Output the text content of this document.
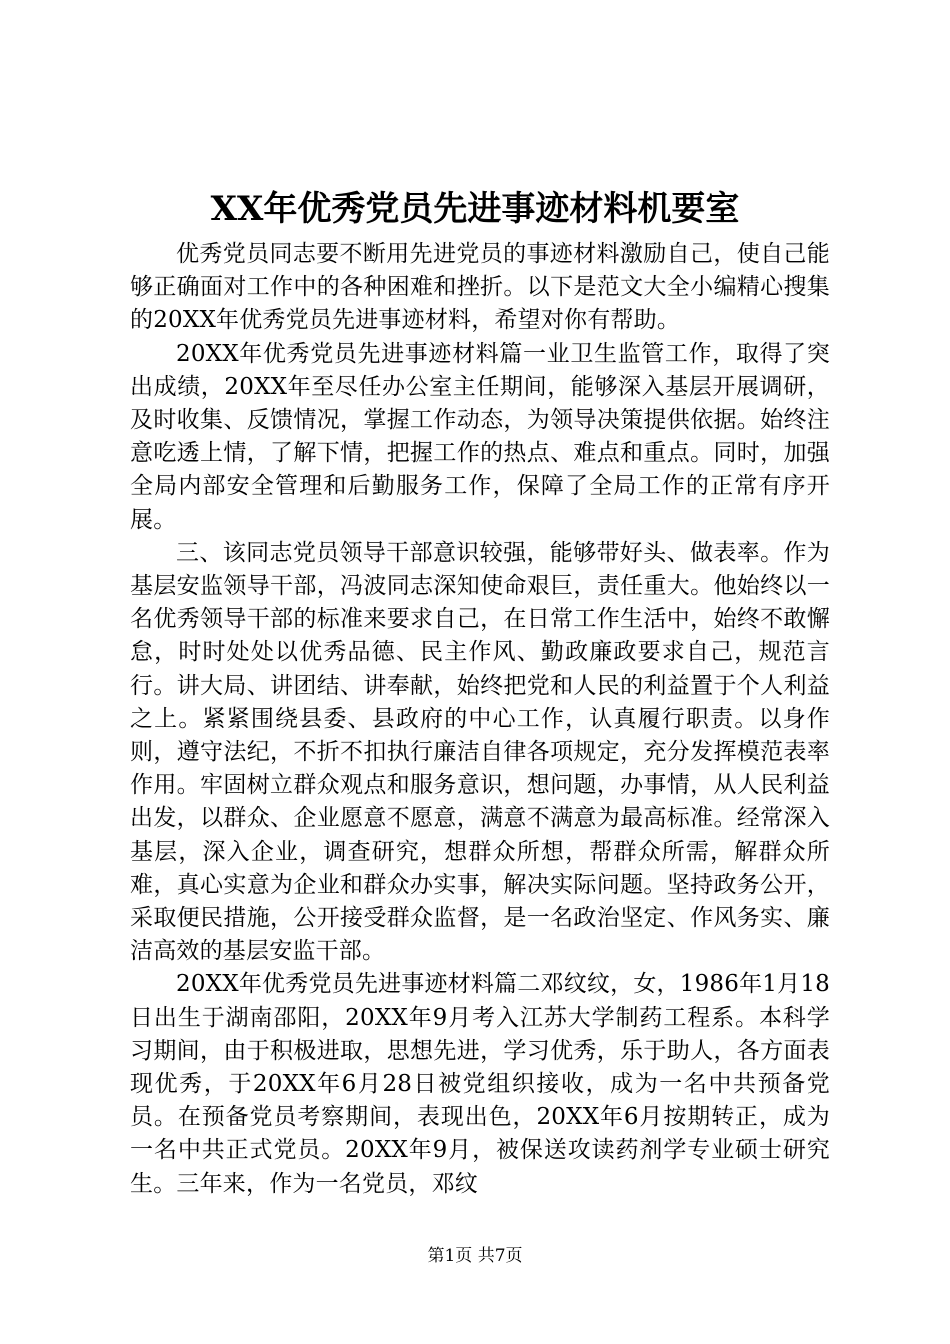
XX年优秀党员先进事迹材料机要室

优秀党员同志要不断用先进党员的事迹材料激励自己，使自己能够正确面对工作中的各种困难和挫折。以下是范文大全小编精心搜集的20XX年优秀党员先进事迹材料，希望对你有帮助。

20XX年优秀党员先进事迹材料篇一业卫生监管工作，取得了突出成绩，20XX年至尽任办公室主任期间，能够深入基层开展调研，及时收集、反馈情况，掌握工作动态，为领导决策提供依据。始终注意吃透上情，了解下情，把握工作的热点、难点和重点。同时，加强全局内部安全管理和后勤服务工作，保障了全局工作的正常有序开展。

三、该同志党员领导干部意识较强，能够带好头、做表率。作为基层安监领导干部，冯波同志深知使命艰巨，责任重大。他始终以一名优秀领导干部的标准来要求自己，在日常工作生活中，始终不敢懈怠，时时处处以优秀品德、民主作风、勤政廉政要求自己，规范言行。讲大局、讲团结、讲奉献，始终把党和人民的利益置于个人利益之上。紧紧围绕县委、县政府的中心工作，认真履行职责。以身作则，遵守法纪，不折不扣执行廉洁自律各项规定，充分发挥模范表率作用。牢固树立群众观点和服务意识，想问题，办事情，从人民利益出发，以群众、企业愿意不愿意，满意不满意为最高标准。经常深入基层，深入企业，调查研究，想群众所想，帮群众所需，解群众所难，真心实意为企业和群众办实事，解决实际问题。坚持政务公开，采取便民措施，公开接受群众监督，是一名政治坚定、作风务实、廉洁高效的基层安监干部。

20XX年优秀党员先进事迹材料篇二邓纹纹，女，1986年1月18日出生于湖南邵阳，20XX年9月考入江苏大学制药工程系。本科学习期间，由于积极进取，思想先进，学习优秀，乐于助人，各方面表现优秀，于20XX年6月28日被党组织接收，成为一名中共预备党员。在预备党员考察期间，表现出色，20XX年6月按期转正，成为一名中共正式党员。20XX年9月，被保送攻读药剂学专业硕士研究生。三年来，作为一名党员，邓纹

第1页 共7页
